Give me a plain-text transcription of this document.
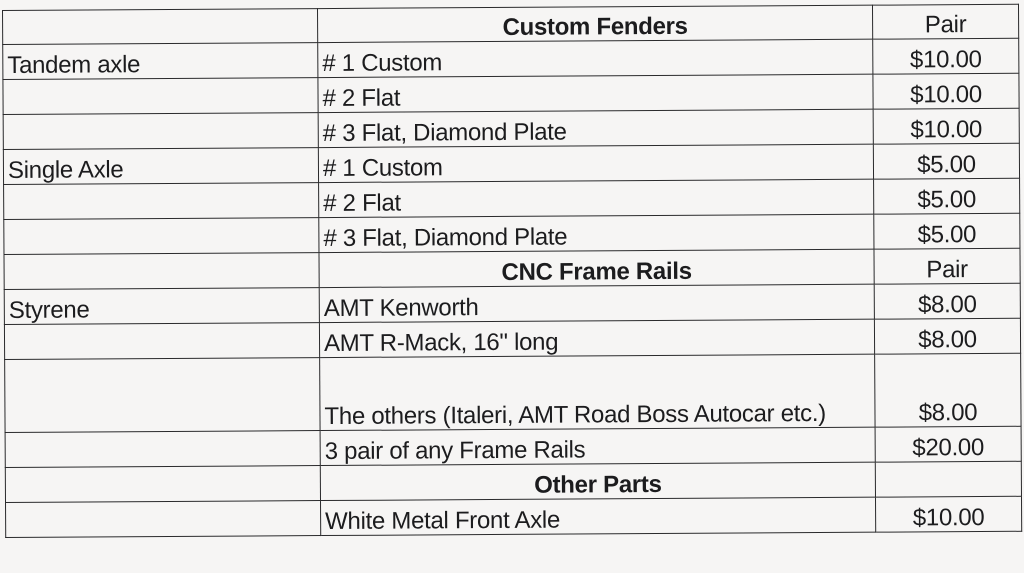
	Custom Fenders	Pair
Tandem axle	# 1 Custom	$10.00
	# 2 Flat	$10.00
	# 3 Flat, Diamond Plate	$10.00
Single Axle	# 1 Custom	$5.00
	# 2 Flat	$5.00
	# 3 Flat, Diamond Plate	$5.00
	CNC Frame Rails	Pair
Styrene	AMT Kenworth	$8.00
	AMT R-Mack, 16" long	$8.00
	The others (Italeri, AMT Road Boss Autocar etc.)	$8.00
	3 pair of any Frame Rails	$20.00
	Other Parts	
	White Metal Front Axle	$10.00
